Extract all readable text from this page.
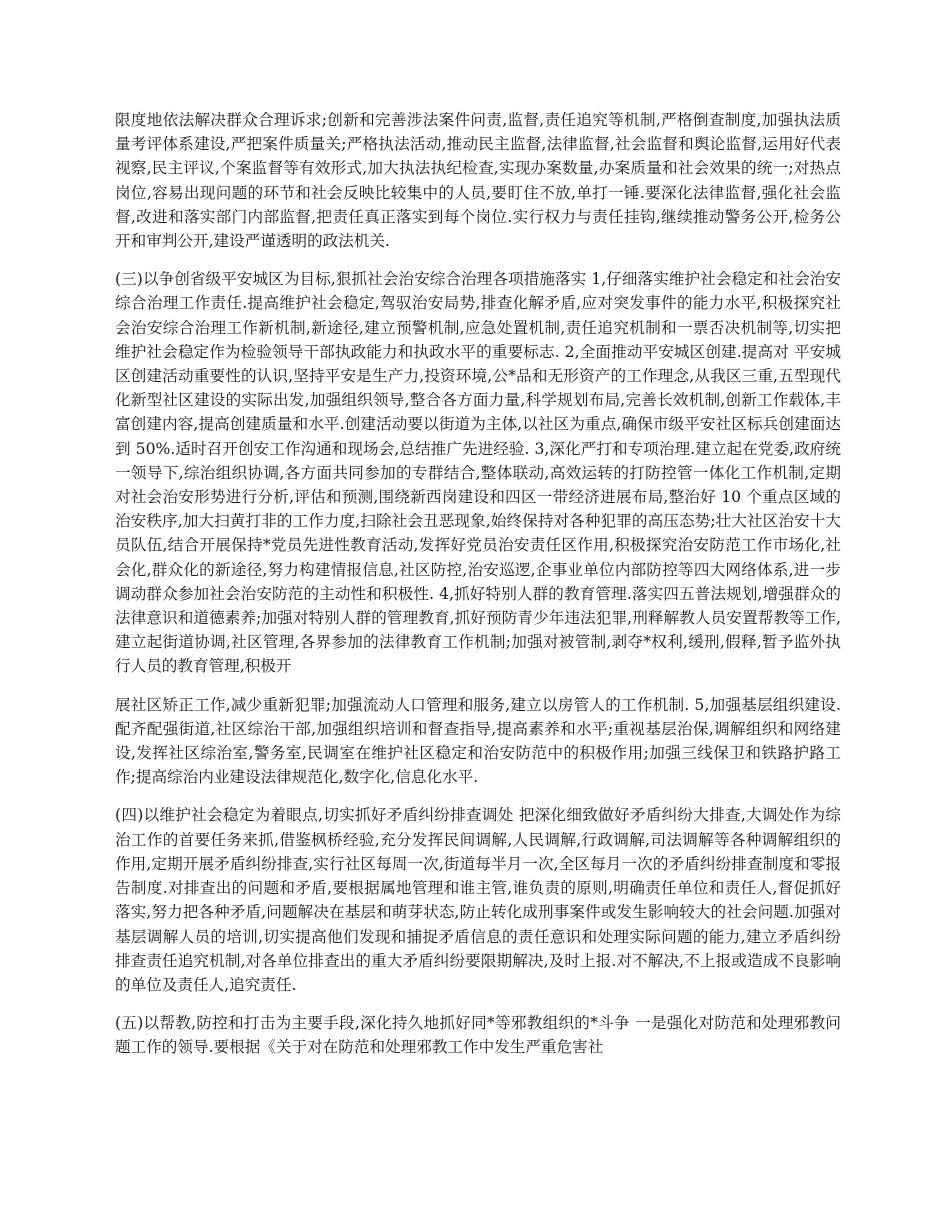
限度地依法解决群众合理诉求;创新和完善涉法案件问责,监督,责任追究等机制,严格倒查制度,加强执法质量考评体系建设,严把案件质量关;严格执法活动,推动民主监督,法律监督,社会监督和舆论监督,运用好代表视察,民主评议,个案监督等有效形式,加大执法执纪检查,实现办案数量,办案质量和社会效果的统一;对热点岗位,容易出现问题的环节和社会反映比较集中的人员,要盯住不放,单打一锤.要深化法律监督,强化社会监督,改进和落实部门内部监督,把责任真正落实到每个岗位.实行权力与责任挂钩,继续推动警务公开,检务公开和审判公开,建设严谨透明的政法机关.

(三)以争创省级平安城区为目标,狠抓社会治安综合治理各项措施落实 1,仔细落实维护社会稳定和社会治安综合治理工作责任.提高维护社会稳定,驾驭治安局势,排查化解矛盾,应对突发事件的能力水平,积极探究社会治安综合治理工作新机制,新途径,建立预警机制,应急处置机制,责任追究机制和一票否决机制等,切实把维护社会稳定作为检验领导干部执政能力和执政水平的重要标志. 2,全面推动平安城区创建.提高对 平安城区创建活动重要性的认识,坚持平安是生产力,投资环境,公*品和无形资产的工作理念,从我区三重,五型现代化新型社区建设的实际出发,加强组织领导,整合各方面力量,科学规划布局,完善长效机制,创新工作载体,丰富创建内容,提高创建质量和水平.创建活动要以街道为主体,以社区为重点,确保市级平安社区标兵创建面达到 50%.适时召开创安工作沟通和现场会,总结推广先进经验. 3,深化严打和专项治理.建立起在党委,政府统一领导下,综治组织协调,各方面共同参加的专群结合,整体联动,高效运转的打防控管一体化工作机制,定期对社会治安形势进行分析,评估和预测,围绕新西岗建设和四区一带经济进展布局,整治好 10 个重点区域的治安秩序,加大扫黄打非的工作力度,扫除社会丑恶现象,始终保持对各种犯罪的高压态势;壮大社区治安十大员队伍,结合开展保持*党员先进性教育活动,发挥好党员治安责任区作用,积极探究治安防范工作市场化,社会化,群众化的新途径,努力构建情报信息,社区防控,治安巡逻,企事业单位内部防控等四大网络体系,进一步调动群众参加社会治安防范的主动性和积极性. 4,抓好特别人群的教育管理.落实四五普法规划,增强群众的法律意识和道德素养;加强对特别人群的管理教育,抓好预防青少年违法犯罪,刑释解教人员安置帮教等工作,建立起街道协调,社区管理,各界参加的法律教育工作机制;加强对被管制,剥夺*权利,缓刑,假释,暂予监外执行人员的教育管理,积极开

展社区矫正工作,减少重新犯罪;加强流动人口管理和服务,建立以房管人的工作机制. 5,加强基层组织建设.配齐配强街道,社区综治干部,加强组织培训和督查指导,提高素养和水平;重视基层治保,调解组织和网络建设,发挥社区综治室,警务室,民调室在维护社区稳定和治安防范中的积极作用;加强三线保卫和铁路护路工作;提高综治内业建设法律规范化,数字化,信息化水平.

(四)以维护社会稳定为着眼点,切实抓好矛盾纠纷排查调处 把深化细致做好矛盾纠纷大排查,大调处作为综治工作的首要任务来抓,借鉴枫桥经验,充分发挥民间调解,人民调解,行政调解,司法调解等各种调解组织的作用,定期开展矛盾纠纷排查,实行社区每周一次,街道每半月一次,全区每月一次的矛盾纠纷排查制度和零报告制度.对排查出的问题和矛盾,要根据属地管理和谁主管,谁负责的原则,明确责任单位和责任人,督促抓好落实,努力把各种矛盾,问题解决在基层和萌芽状态,防止转化成刑事案件或发生影响较大的社会问题.加强对基层调解人员的培训,切实提高他们发现和捕捉矛盾信息的责任意识和处理实际问题的能力,建立矛盾纠纷排查责任追究机制,对各单位排查出的重大矛盾纠纷要限期解决,及时上报.对不解决,不上报或造成不良影响的单位及责任人,追究责任.

(五)以帮教,防控和打击为主要手段,深化持久地抓好同*等邪教组织的*斗争 一是强化对防范和处理邪教问题工作的领导.要根据《关于对在防范和处理邪教工作中发生严重危害社
